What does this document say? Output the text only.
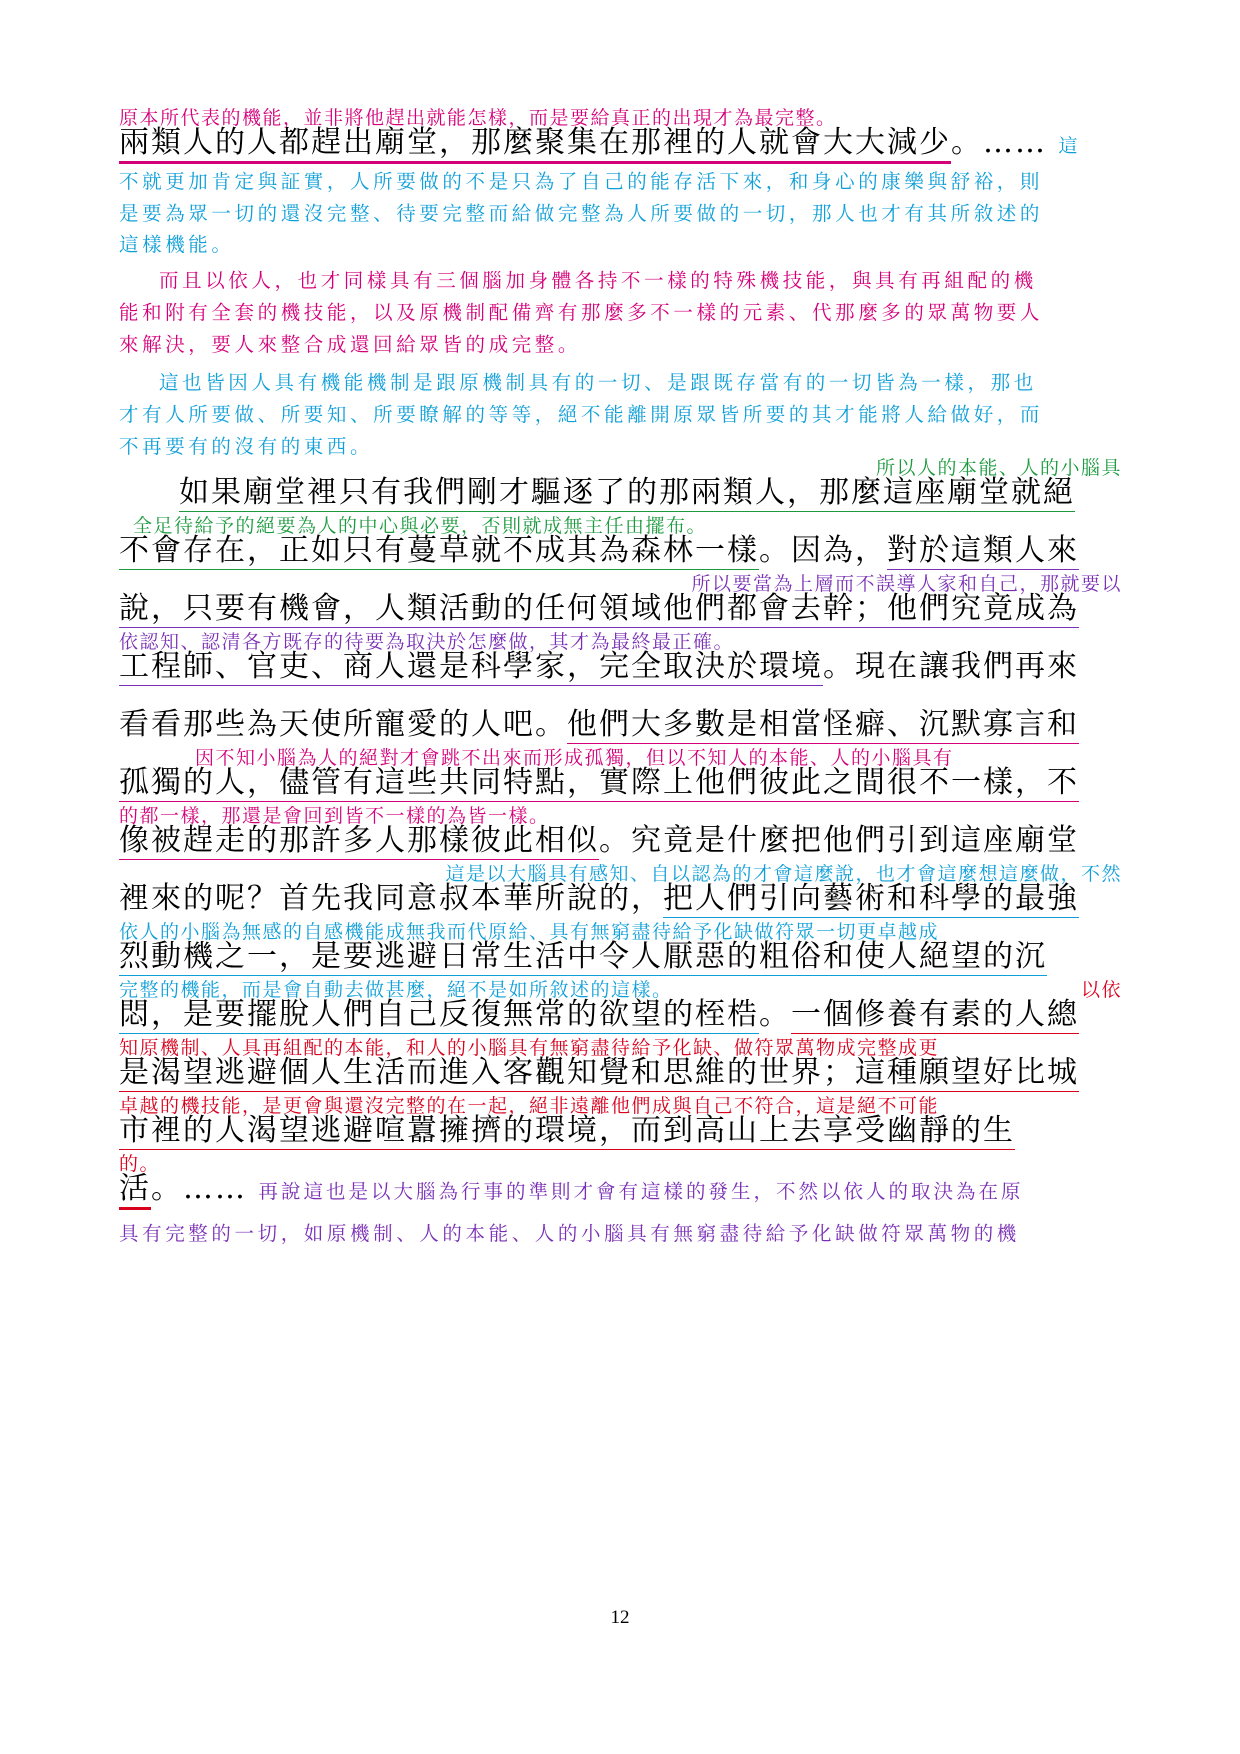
原本所代表的機能，並非將他趕出就能怎樣，而是要給真正的出現才為最完整。
兩類人的人都趕出廟堂，那麼聚集在那裡的人就會大大減少。…… 這
不就更加肯定與証實，人所要做的不是只為了自己的能存活下來，和身心的康樂與舒裕，則
是要為眾一切的還沒完整、待要完整而給做完整為人所要做的一切，那人也才有其所敘述的
這樣機能。
而且以依人，也才同樣具有三個腦加身體各持不一樣的特殊機技能，與具有再組配的機
能和附有全套的機技能，以及原機制配備齊有那麼多不一樣的元素、代那麼多的眾萬物要人
來解決，要人來整合成還回給眾皆的成完整。
這也皆因人具有機能機制是跟原機制具有的一切、是跟既存當有的一切皆為一樣，那也
才有人所要做、所要知、所要瞭解的等等，絕不能離開原眾皆所要的其才能將人給做好，而
不再要有的沒有的東西。
所以人的本能、人的小腦具
如果廟堂裡只有我們剛才驅逐了的那兩類人，那麼這座廟堂就絕
全足待給予的絕要為人的中心與必要，否則就成無主任由擺布。
不會存在，正如只有蔓草就不成其為森林一樣。因為，對於這類人來
所以要當為上層而不誤導人家和自己，那就要以
說，只要有機會，人類活動的任何領域他們都會去幹；他們究竟成為
依認知、認清各方既存的待要為取決於怎麼做，其才為最終最正確。
工程師、官吏、商人還是科學家，完全取決於環境。現在讓我們再來
看看那些為天使所寵愛的人吧。他們大多數是相當怪癖、沉默寡言和
因不知小腦為人的絕對才會跳不出來而形成孤獨，但以不知人的本能、人的小腦具有
孤獨的人，儘管有這些共同特點，實際上他們彼此之間很不一樣，不
的都一樣，那還是會回到皆不一樣的為皆一樣。
像被趕走的那許多人那樣彼此相似。究竟是什麼把他們引到這座廟堂
這是以大腦具有感知、自以認為的才會這麼說，也才會這麼想這麼做，不然
裡來的呢？首先我同意叔本華所說的，把人們引向藝術和科學的最強
依人的小腦為無感的自感機能成無我而代原給、具有無窮盡待給予化缺做符眾一切更卓越成
烈動機之一，是要逃避日常生活中令人厭惡的粗俗和使人絕望的沉
完整的機能，而是會自動去做甚麼，絕不是如所敘述的這樣。	以依
悶，是要擺脫人們自己反復無常的欲望的桎梏。一個修養有素的人總
知原機制、人具再組配的本能，和人的小腦具有無窮盡待給予化缺、做符眾萬物成完整成更
是渴望逃避個人生活而進入客觀知覺和思維的世界；這種願望好比城
卓越的機技能，是更會與還沒完整的在一起，絕非遠離他們成與自己不符合，這是絕不可能
市裡的人渴望逃避喧囂擁擠的環境，而到高山上去享受幽靜的生
的。
活。…… 再說這也是以大腦為行事的準則才會有這樣的發生，不然以依人的取決為在原
具有完整的一切，如原機制、人的本能、人的小腦具有無窮盡待給予化缺做符眾萬物的機
12
